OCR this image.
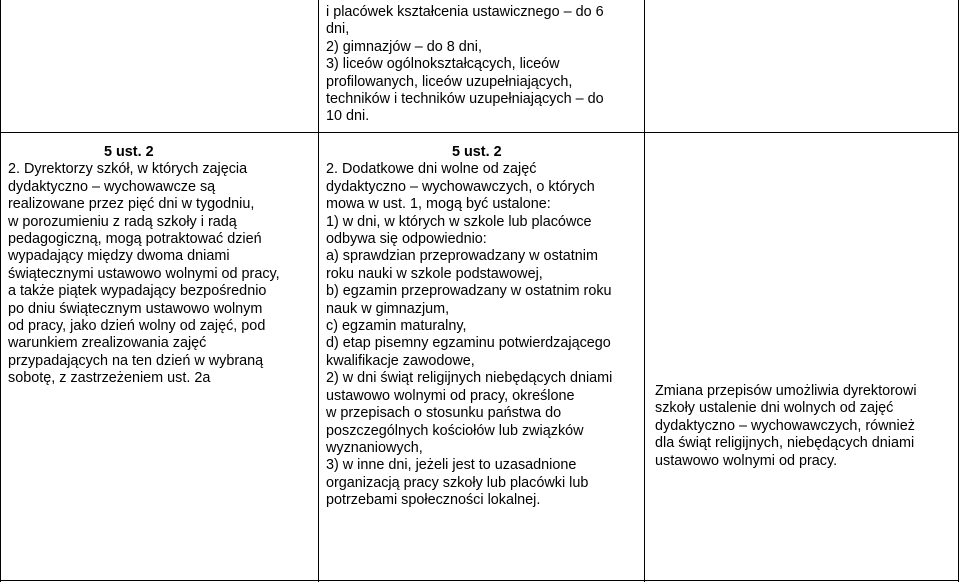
i placówek kształcenia ustawicznego – do 6

dni,

2) gimnazjów – do 8 dni,

3) liceów ogólnokształcących, liceów

profilowanych, liceów uzupełniających,

techników i techników uzupełniających – do

10 dni.

5 ust. 2

2. Dyrektorzy szkół, w których zajęcia

dydaktyczno – wychowawcze są

realizowane przez pięć dni w tygodniu,

w porozumieniu z radą szkoły i radą

pedagogiczną, mogą potraktować dzień

wypadający między dwoma dniami

świątecznymi ustawowo wolnymi od pracy,

a także piątek wypadający bezpośrednio

po dniu świątecznym ustawowo wolnym

od pracy, jako dzień wolny od zajęć, pod

warunkiem zrealizowania zajęć

przypadających na ten dzień w wybraną

sobotę, z zastrzeżeniem ust. 2a

5 ust. 2

2. Dodatkowe dni wolne od zajęć

dydaktyczno – wychowawczych, o których

mowa w ust. 1, mogą być ustalone:

1) w dni, w których w szkole lub placówce

odbywa się odpowiednio:

a) sprawdzian przeprowadzany w ostatnim

roku nauki w szkole podstawowej,

b) egzamin przeprowadzany w ostatnim roku

nauk w gimnazjum,

c) egzamin maturalny,

d) etap pisemny egzaminu potwierdzającego

kwalifikacje zawodowe,

2) w dni świąt religijnych niebędących dniami

ustawowo wolnymi od pracy, określone

w przepisach o stosunku państwa do

poszczególnych kościołów lub związków

wyznaniowych,

3) w inne dni, jeżeli jest to uzasadnione

organizacją pracy szkoły lub placówki lub

potrzebami społeczności lokalnej.

Zmiana przepisów umożliwia dyrektorowi

szkoły ustalenie dni wolnych od zajęć

dydaktyczno – wychowawczych, również

dla świąt religijnych, niebędących dniami

ustawowo wolnymi od pracy.
